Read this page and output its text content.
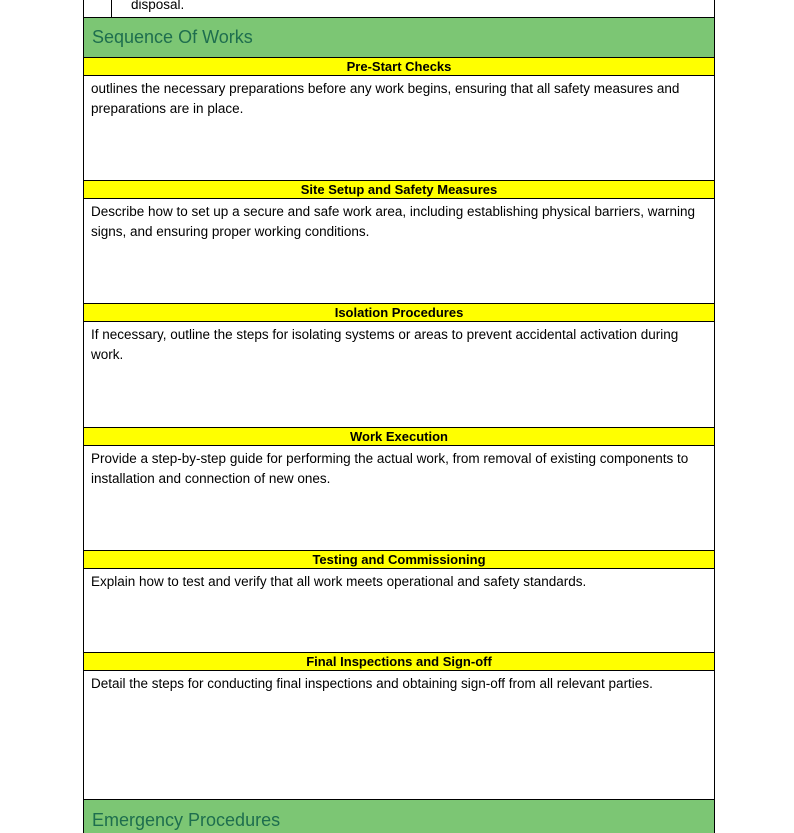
disposal.
Sequence Of Works
Pre-Start Checks
outlines the necessary preparations before any work begins, ensuring that all safety measures and preparations are in place.
Site Setup and Safety Measures
Describe how to set up a secure and safe work area, including establishing physical barriers, warning signs, and ensuring proper working conditions.
Isolation Procedures
If necessary, outline the steps for isolating systems or areas to prevent accidental activation during work.
Work Execution
Provide a step-by-step guide for performing the actual work, from removal of existing components to installation and connection of new ones.
Testing and Commissioning
Explain how to test and verify that all work meets operational and safety standards.
Final Inspections and Sign-off
Detail the steps for conducting final inspections and obtaining sign-off from all relevant parties.
Emergency Procedures
